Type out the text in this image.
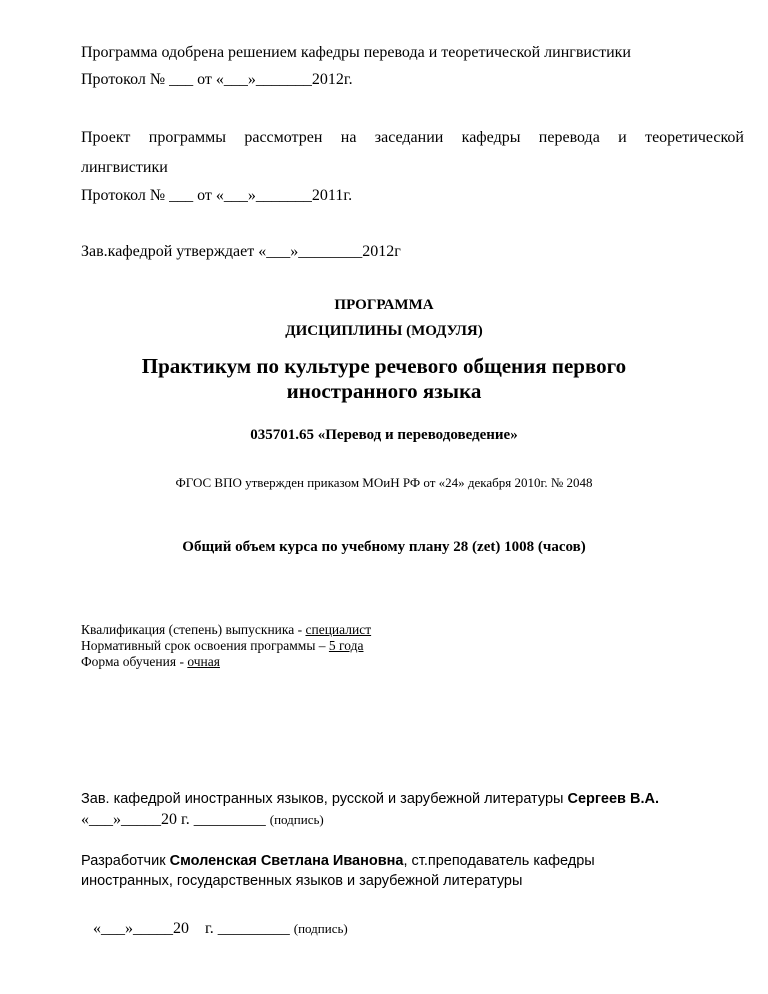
Программа одобрена решением кафедры перевода и теоретической лингвистики
Протокол № ___ от «___»_______2012г.
Проект программы рассмотрен на заседании кафедры перевода и теоретической
лингвистики
Протокол № ___ от «___»_______2011г.
Зав.кафедрой утверждает «___»________2012г
ПРОГРАММА
ДИСЦИПЛИНЫ (МОДУЛЯ)
Практикум по культуре речевого общения первого
иностранного языка
035701.65 «Перевод и переводоведение»
ФГОС ВПО утвержден приказом МОиН РФ от «24» декабря 2010г. № 2048
Общий объем курса по учебному плану 28 (zet) 1008 (часов)
Квалификация (степень) выпускника - специалист
Нормативный срок освоения программы – 5 года
Форма обучения - очная
Зав. кафедрой иностранных языков, русской и зарубежной литературы Сергеев В.А.
«___»_____20 г. _________ (подпись)
Разработчик Смоленская Светлана Ивановна, ст.преподаватель кафедры
иностранных, государственных языков и зарубежной литературы

«___»_____20    г. _________ (подпись)
